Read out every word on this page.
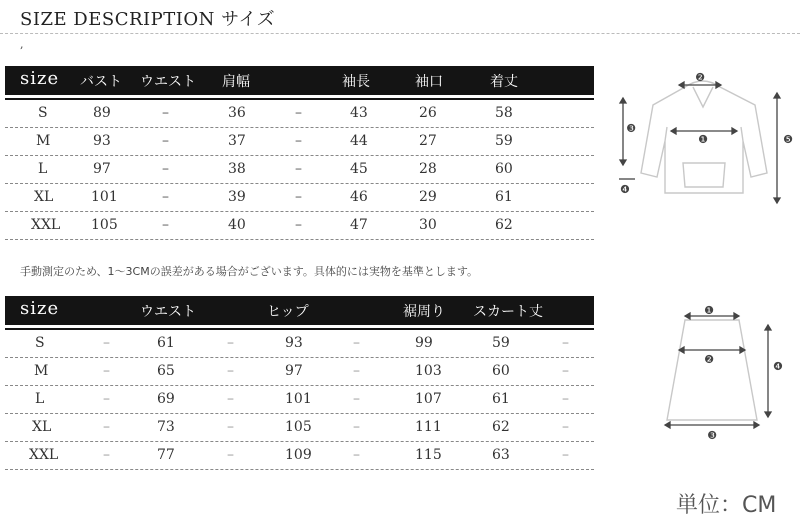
SIZE DESCRIPTION サイズ
,
size バスト ウエスト 肩幅	袖長	袖口	着丈
S	89	–	36	–	43	26	58
M	93	–	37	–	44	27	59
L	97	–	38	–	45	28	60
XL	101	–	39	–	46	29	61
XXL 105	–	40	–	47	30	62
手動測定のため、1～3CMの誤差がある場合がございます。具体的には実物を基準とします。
size	ウエスト	ヒップ	裾周り スカート丈
S	–	61	–	93	–	99	59	–
M	–	65	–	97	–	103	60	–
L	–	69	–	101	–	107	61	–
XL	–	73	–	105	–	111	62	–
XXL	–	77	–	109	–	115	63	–
❷
❸
❶	❺
❹
❶
❷
❹
❸
単位：CM
